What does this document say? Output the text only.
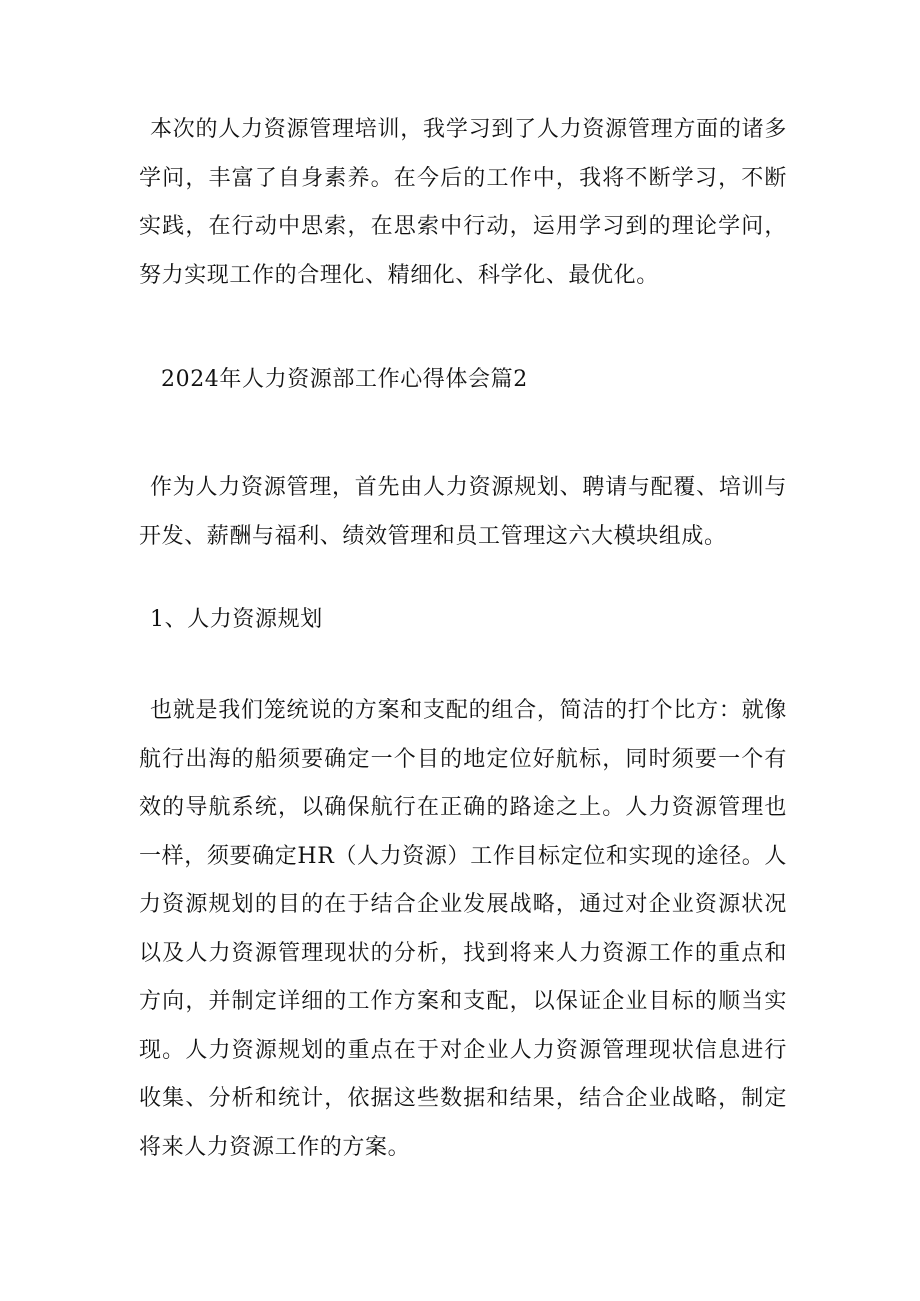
本次的人力资源管理培训，我学习到了人力资源管理方面的诸多学问，丰富了自身素养。在今后的工作中，我将不断学习，不断实践，在行动中思索，在思索中行动，运用学习到的理论学问，努力实现工作的合理化、精细化、科学化、最优化。

2024年人力资源部工作心得体会篇2

作为人力资源管理，首先由人力资源规划、聘请与配覆、培训与开发、薪酬与福利、绩效管理和员工管理这六大模块组成。

1、人力资源规划

也就是我们笼统说的方案和支配的组合，简洁的打个比方：就像航行出海的船须要确定一个目的地定位好航标，同时须要一个有效的导航系统，以确保航行在正确的路途之上。人力资源管理也一样，须要确定HR（人力资源）工作目标定位和实现的途径。人力资源规划的目的在于结合企业发展战略，通过对企业资源状况以及人力资源管理现状的分析，找到将来人力资源工作的重点和方向，并制定详细的工作方案和支配，以保证企业目标的顺当实现。人力资源规划的重点在于对企业人力资源管理现状信息进行收集、分析和统计，依据这些数据和结果，结合企业战略，制定将来人力资源工作的方案。
